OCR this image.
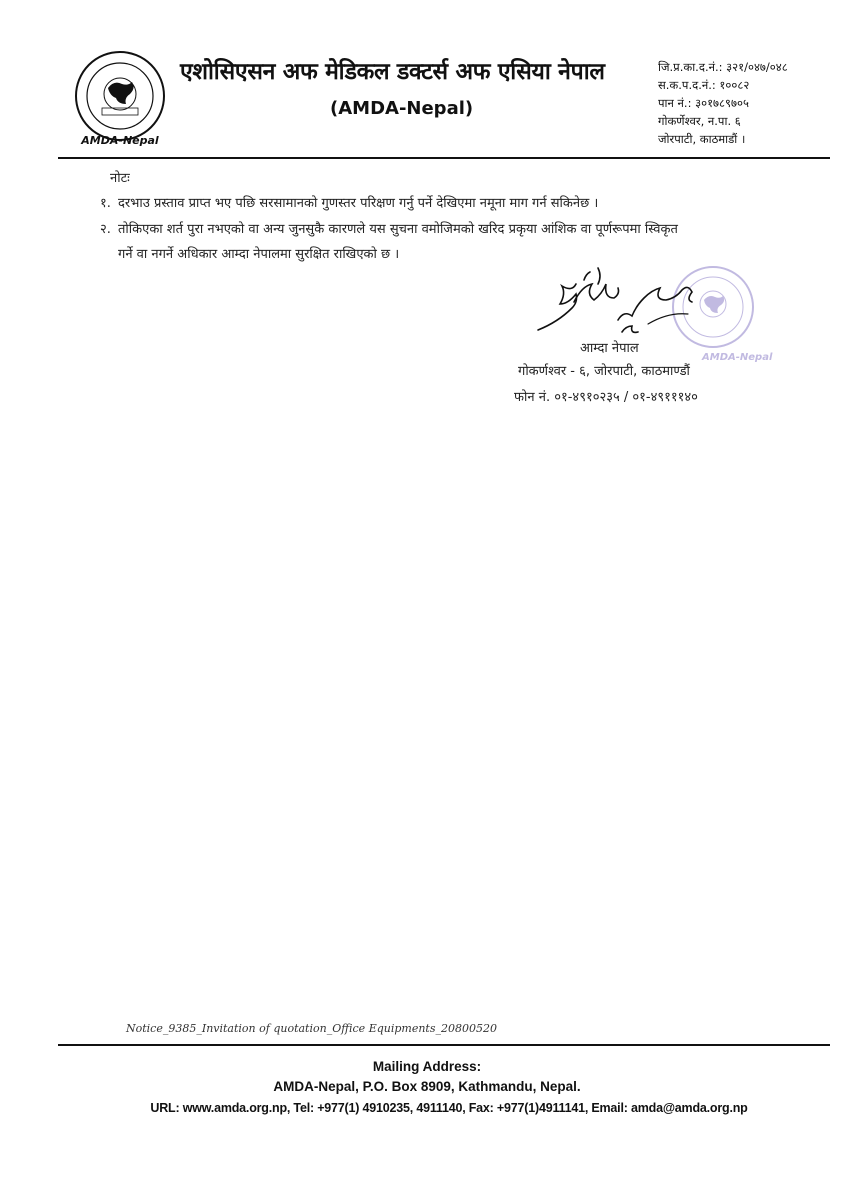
AMDA-Nepal
एशोसिएसन अफ मेडिकल डक्टर्स अफ एसिया नेपाल
(AMDA-Nepal)
जि.प्र.का.द.नं.: ३२१/०४७/०४८
स.क.प.द.नं.: १००८२
पान नं.: ३०१७८९७०५
गोकर्णेश्वर, न.पा. ६
जोरपाटी, काठमाडौं ।
नोटः
१. दरभाउ प्रस्ताव प्राप्त भए पछि सरसामानको गुणस्तर परिक्षण गर्नु पर्ने देखिएमा नमूना माग गर्न सकिनेछ ।
२. तोकिएका शर्त पुरा नभएको वा अन्य जुनसुकै कारणले यस सुचना वमोजिमको खरिद प्रकृया आंशिक वा पूर्णरूपमा स्विकृत
गर्ने वा नगर्ने अधिकार आम्दा नेपालमा सुरक्षित राखिएको छ ।
AMDA-Nepal
आम्दा नेपाल
गोकर्णश्वर - ६, जोरपाटी, काठमाण्डौं
फोन नं. ०१-४९१०२३५ / ०१-४९१११४०
Notice_9385_Invitation of quotation_Office Equipments_20800520
Mailing Address:
AMDA-Nepal, P.O. Box 8909, Kathmandu, Nepal.
URL: www.amda.org.np, Tel: +977(1) 4910235, 4911140, Fax: +977(1)4911141, Email: amda@amda.org.np
